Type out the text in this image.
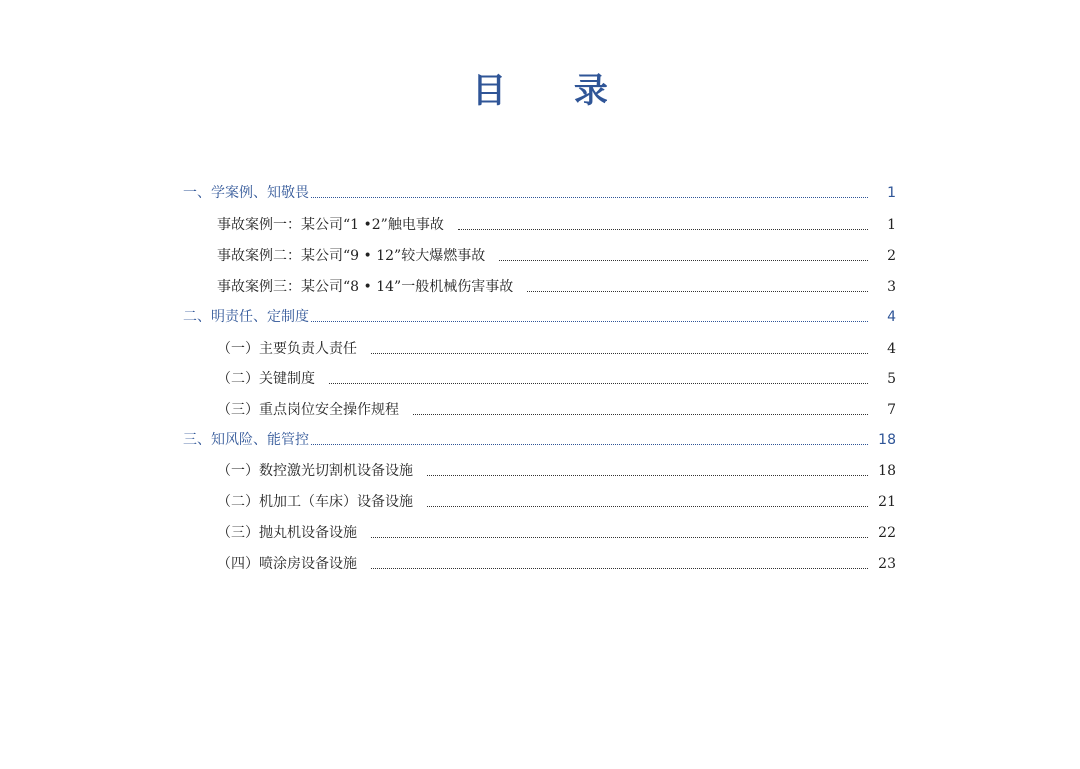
目 录
一、学案例、知敬畏	1
事故案例一：某公司“1 •2”触电事故	1
事故案例二：某公司“9 • 12”较大爆燃事故	2
事故案例三：某公司“8 • 14”一般机械伤害事故	3
二、明责任、定制度	4
（一）主要负责人责任	4
（二）关键制度	5
（三）重点岗位安全操作规程	7
三、知风险、能管控	18
（一）数控激光切割机设备设施	18
（二）机加工（车床）设备设施	21
（三）抛丸机设备设施	22
（四）喷涂房设备设施	23
